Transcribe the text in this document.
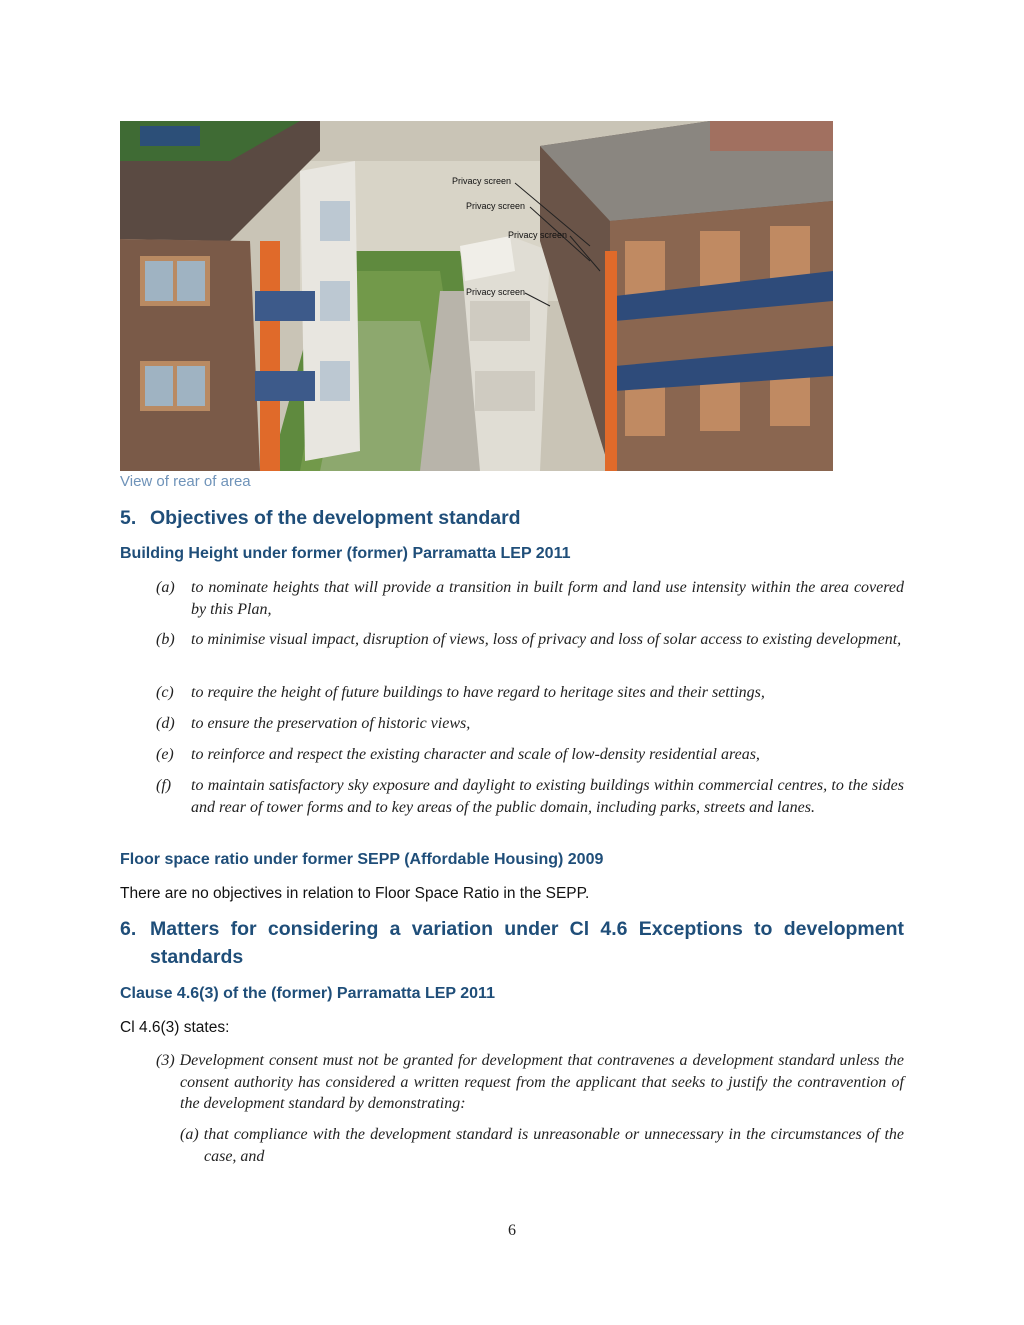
Privacy screen
Privacy screen
Privacy screen
Privacy screen
View of rear of area
5. Objectives of the development standard
Building Height under former (former) Parramatta LEP 2011
(a) to nominate heights that will provide a transition in built form and land use intensity within the area covered by this Plan,
(b) to minimise visual impact, disruption of views, loss of privacy and loss of solar access to existing development,
(c) to require the height of future buildings to have regard to heritage sites and their settings,
(d) to ensure the preservation of historic views,
(e) to reinforce and respect the existing character and scale of low-density residential areas,
(f) to maintain satisfactory sky exposure and daylight to existing buildings within commercial centres, to the sides and rear of tower forms and to key areas of the public domain, including parks, streets and lanes.
Floor space ratio under former SEPP (Affordable Housing) 2009
There are no objectives in relation to Floor Space Ratio in the SEPP.
6. Matters for considering a variation under Cl 4.6 Exceptions to development
standards
Clause 4.6(3) of the (former) Parramatta LEP 2011
Cl 4.6(3) states:
(3) Development consent must not be granted for development that contravenes a development standard unless the consent authority has considered a written request from the applicant that seeks to justify the contravention of the development standard by demonstrating:
(a) that compliance with the development standard is unreasonable or unnecessary in the circumstances of the case, and
6
